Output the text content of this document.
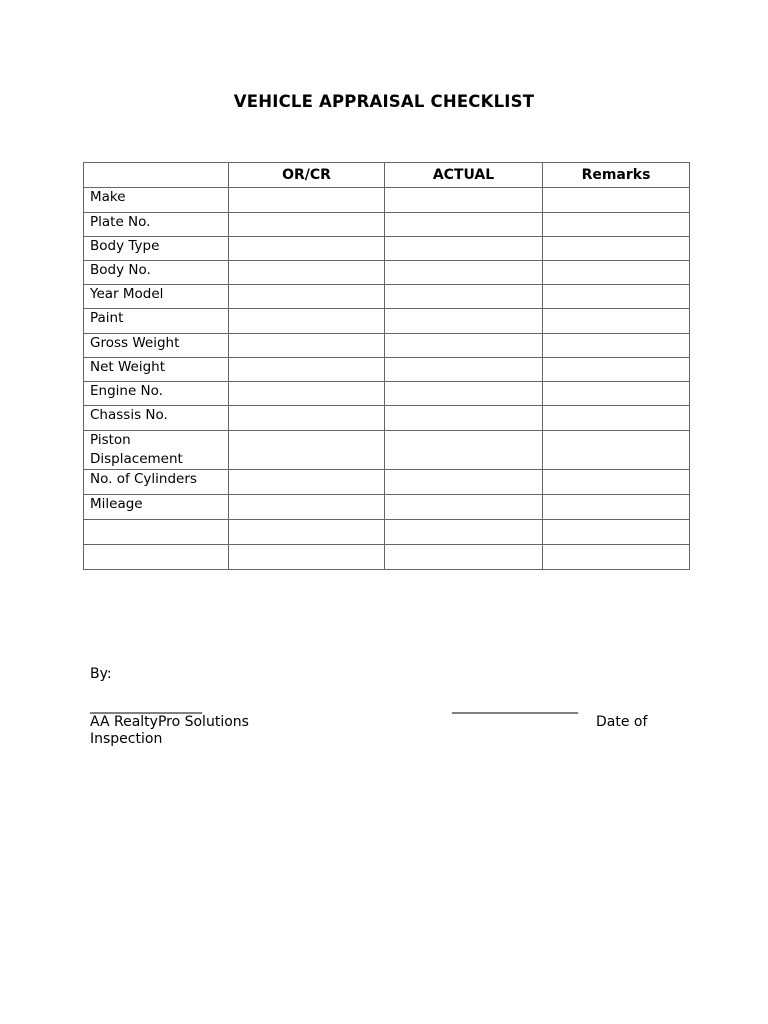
VEHICLE APPRAISAL CHECKLIST
	OR/CR	ACTUAL	Remarks
Make			
Plate No.			
Body Type			
Body No.			
Year Model			
Paint			
Gross Weight			
Net Weight			
Engine No.			
Chassis No.			
Piston Displacement			
No. of Cylinders			
Mileage			

By:
________________	__________________
AA RealtyPro Solutions	Date of
Inspection
